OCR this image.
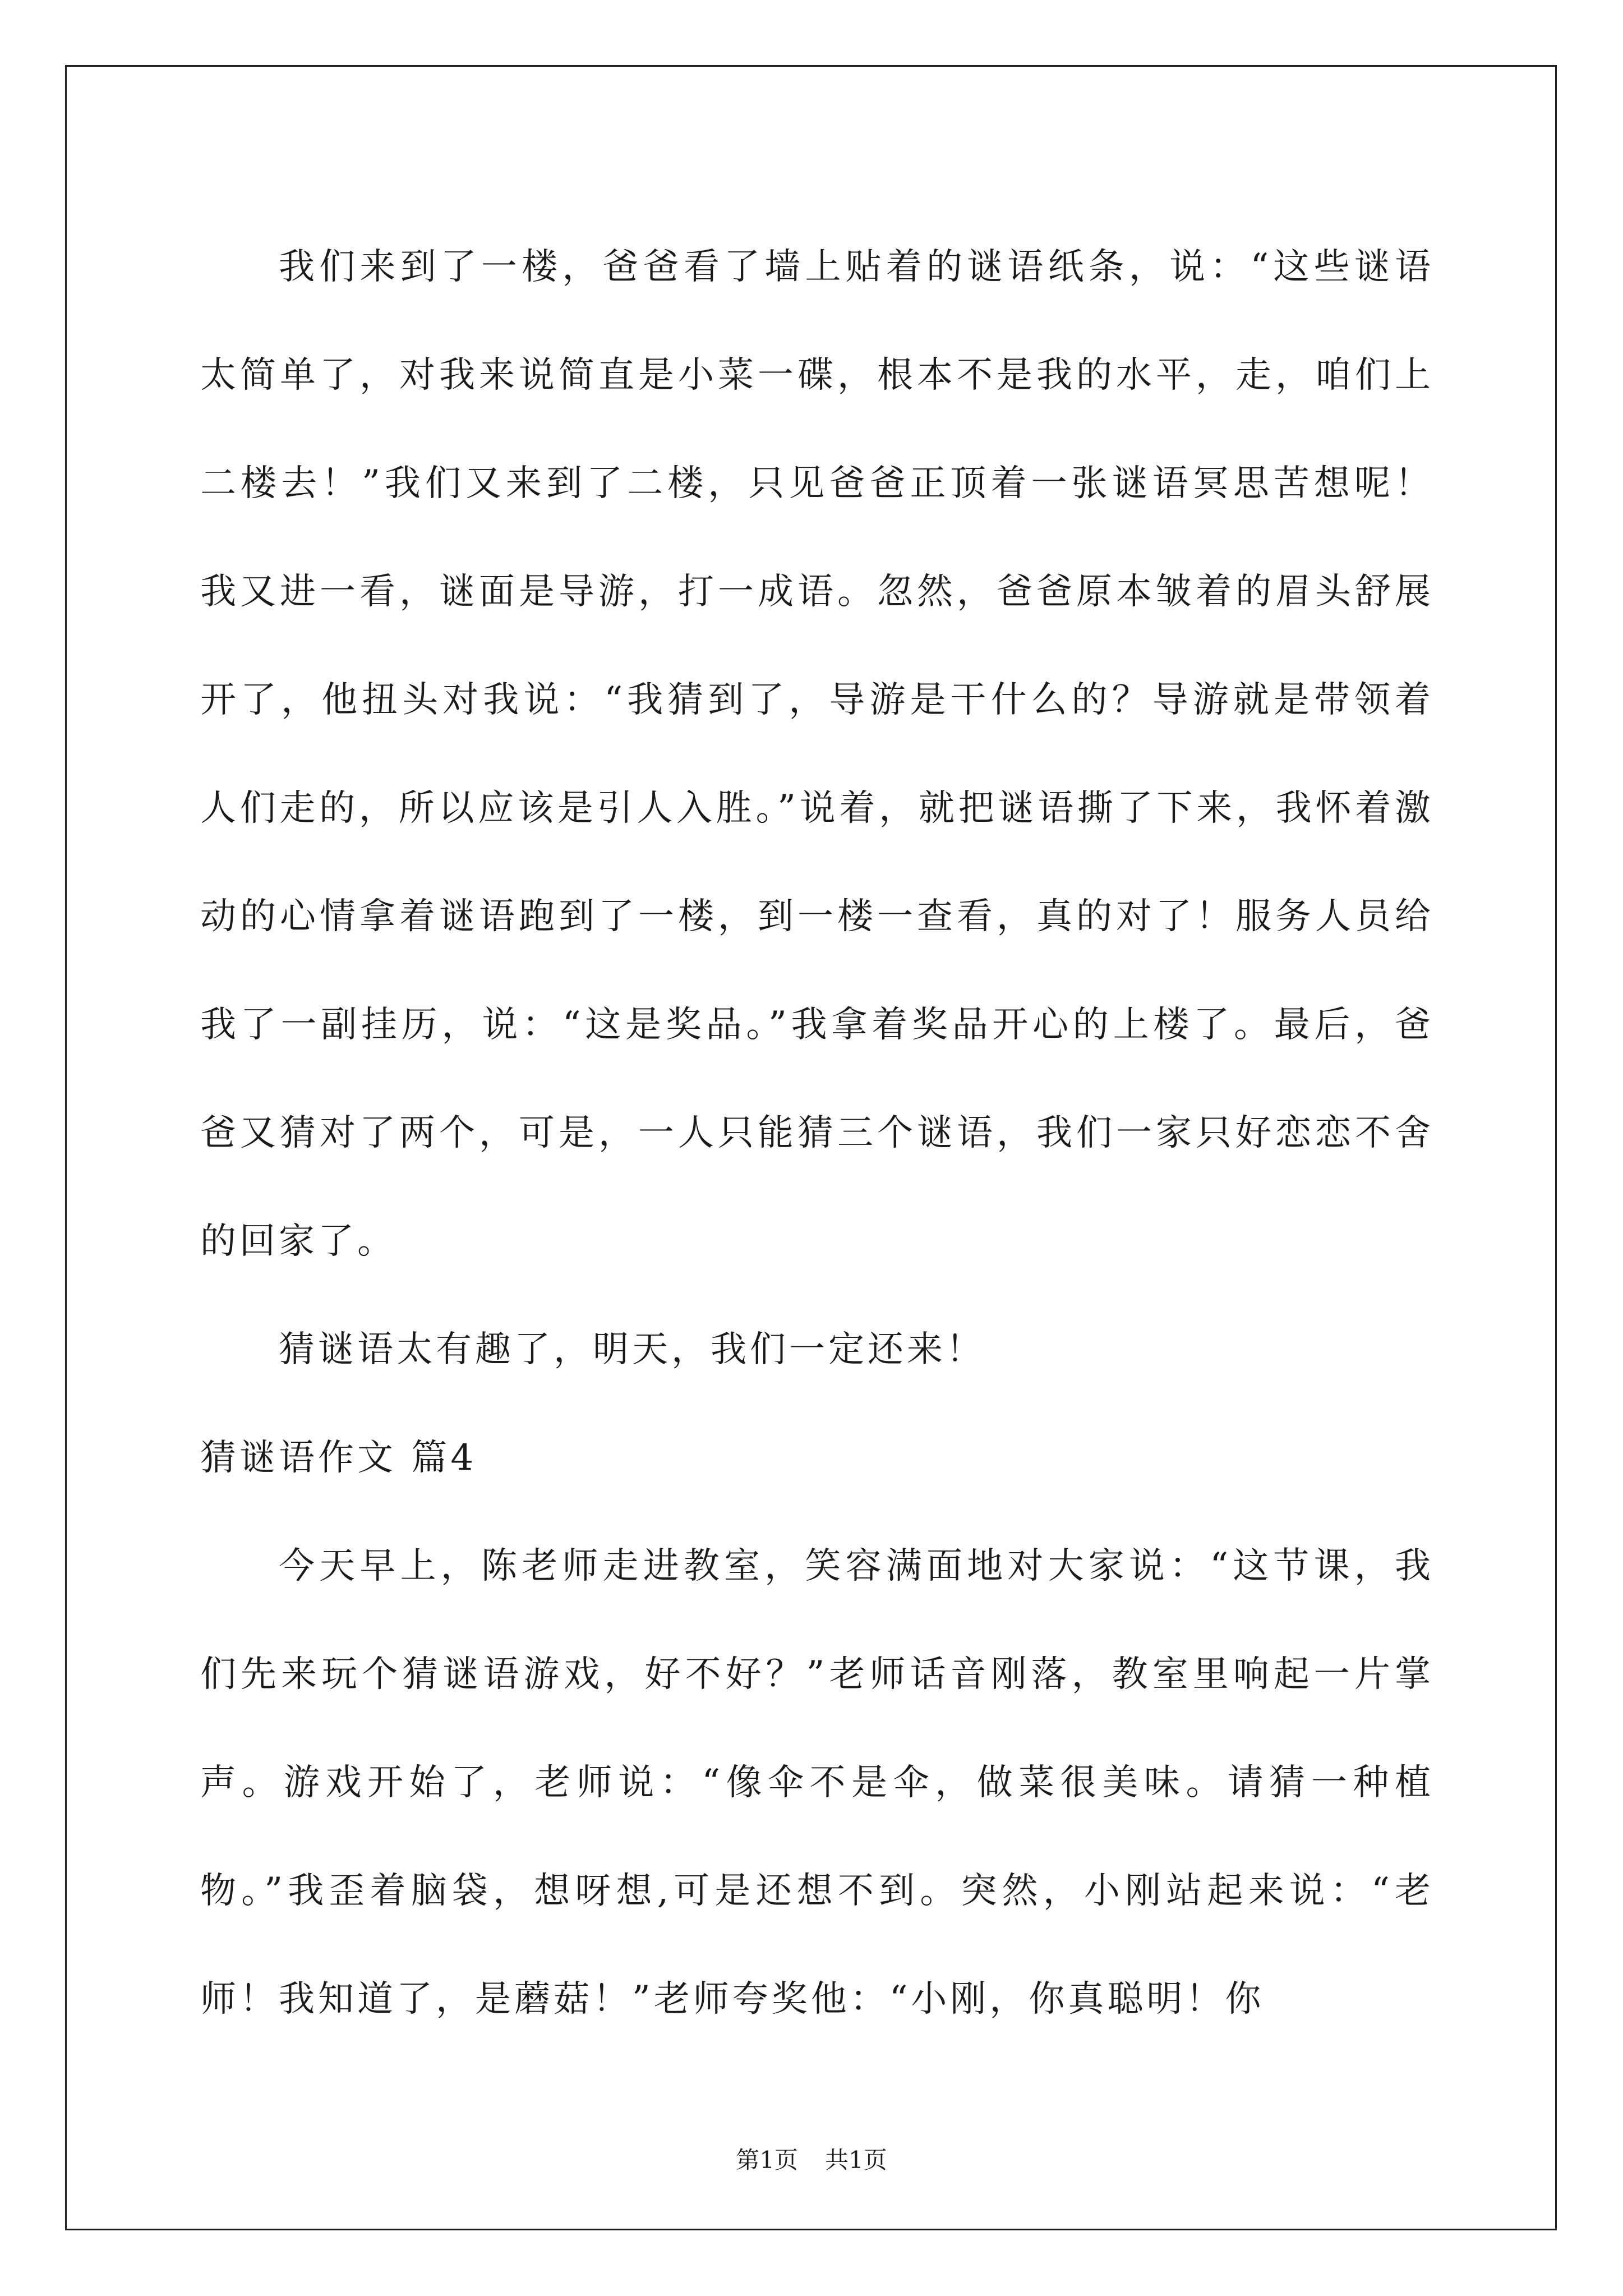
我们来到了一楼，爸爸看了墙上贴着的谜语纸条，说：“这些谜语太简单了，对我来说简直是小菜一碟，根本不是我的水平，走，咱们上二楼去！”我们又来到了二楼，只见爸爸正顶着一张谜语冥思苦想呢！我又进一看，谜面是导游，打一成语。忽然，爸爸原本皱着的眉头舒展开了，他扭头对我说：“我猜到了，导游是干什么的？导游就是带领着人们走的，所以应该是引人入胜。”说着，就把谜语撕了下来，我怀着激动的心情拿着谜语跑到了一楼，到一楼一查看，真的对了！服务人员给我了一副挂历，说：“这是奖品。”我拿着奖品开心的上楼了。最后，爸爸又猜对了两个，可是，一人只能猜三个谜语，我们一家只好恋恋不舍的回家了。

猜谜语太有趣了，明天，我们一定还来！

猜谜语作文 篇4

今天早上，陈老师走进教室，笑容满面地对大家说：“这节课，我们先来玩个猜谜语游戏，好不好？”老师话音刚落，教室里响起一片掌声。游戏开始了，老师说：“像伞不是伞，做菜很美味。请猜一种植物。”我歪着脑袋，想呀想,可是还想不到。突然，小刚站起来说：“老师！我知道了，是蘑菇！”老师夸奖他：“小刚，你真聪明！你

第1页 共1页
